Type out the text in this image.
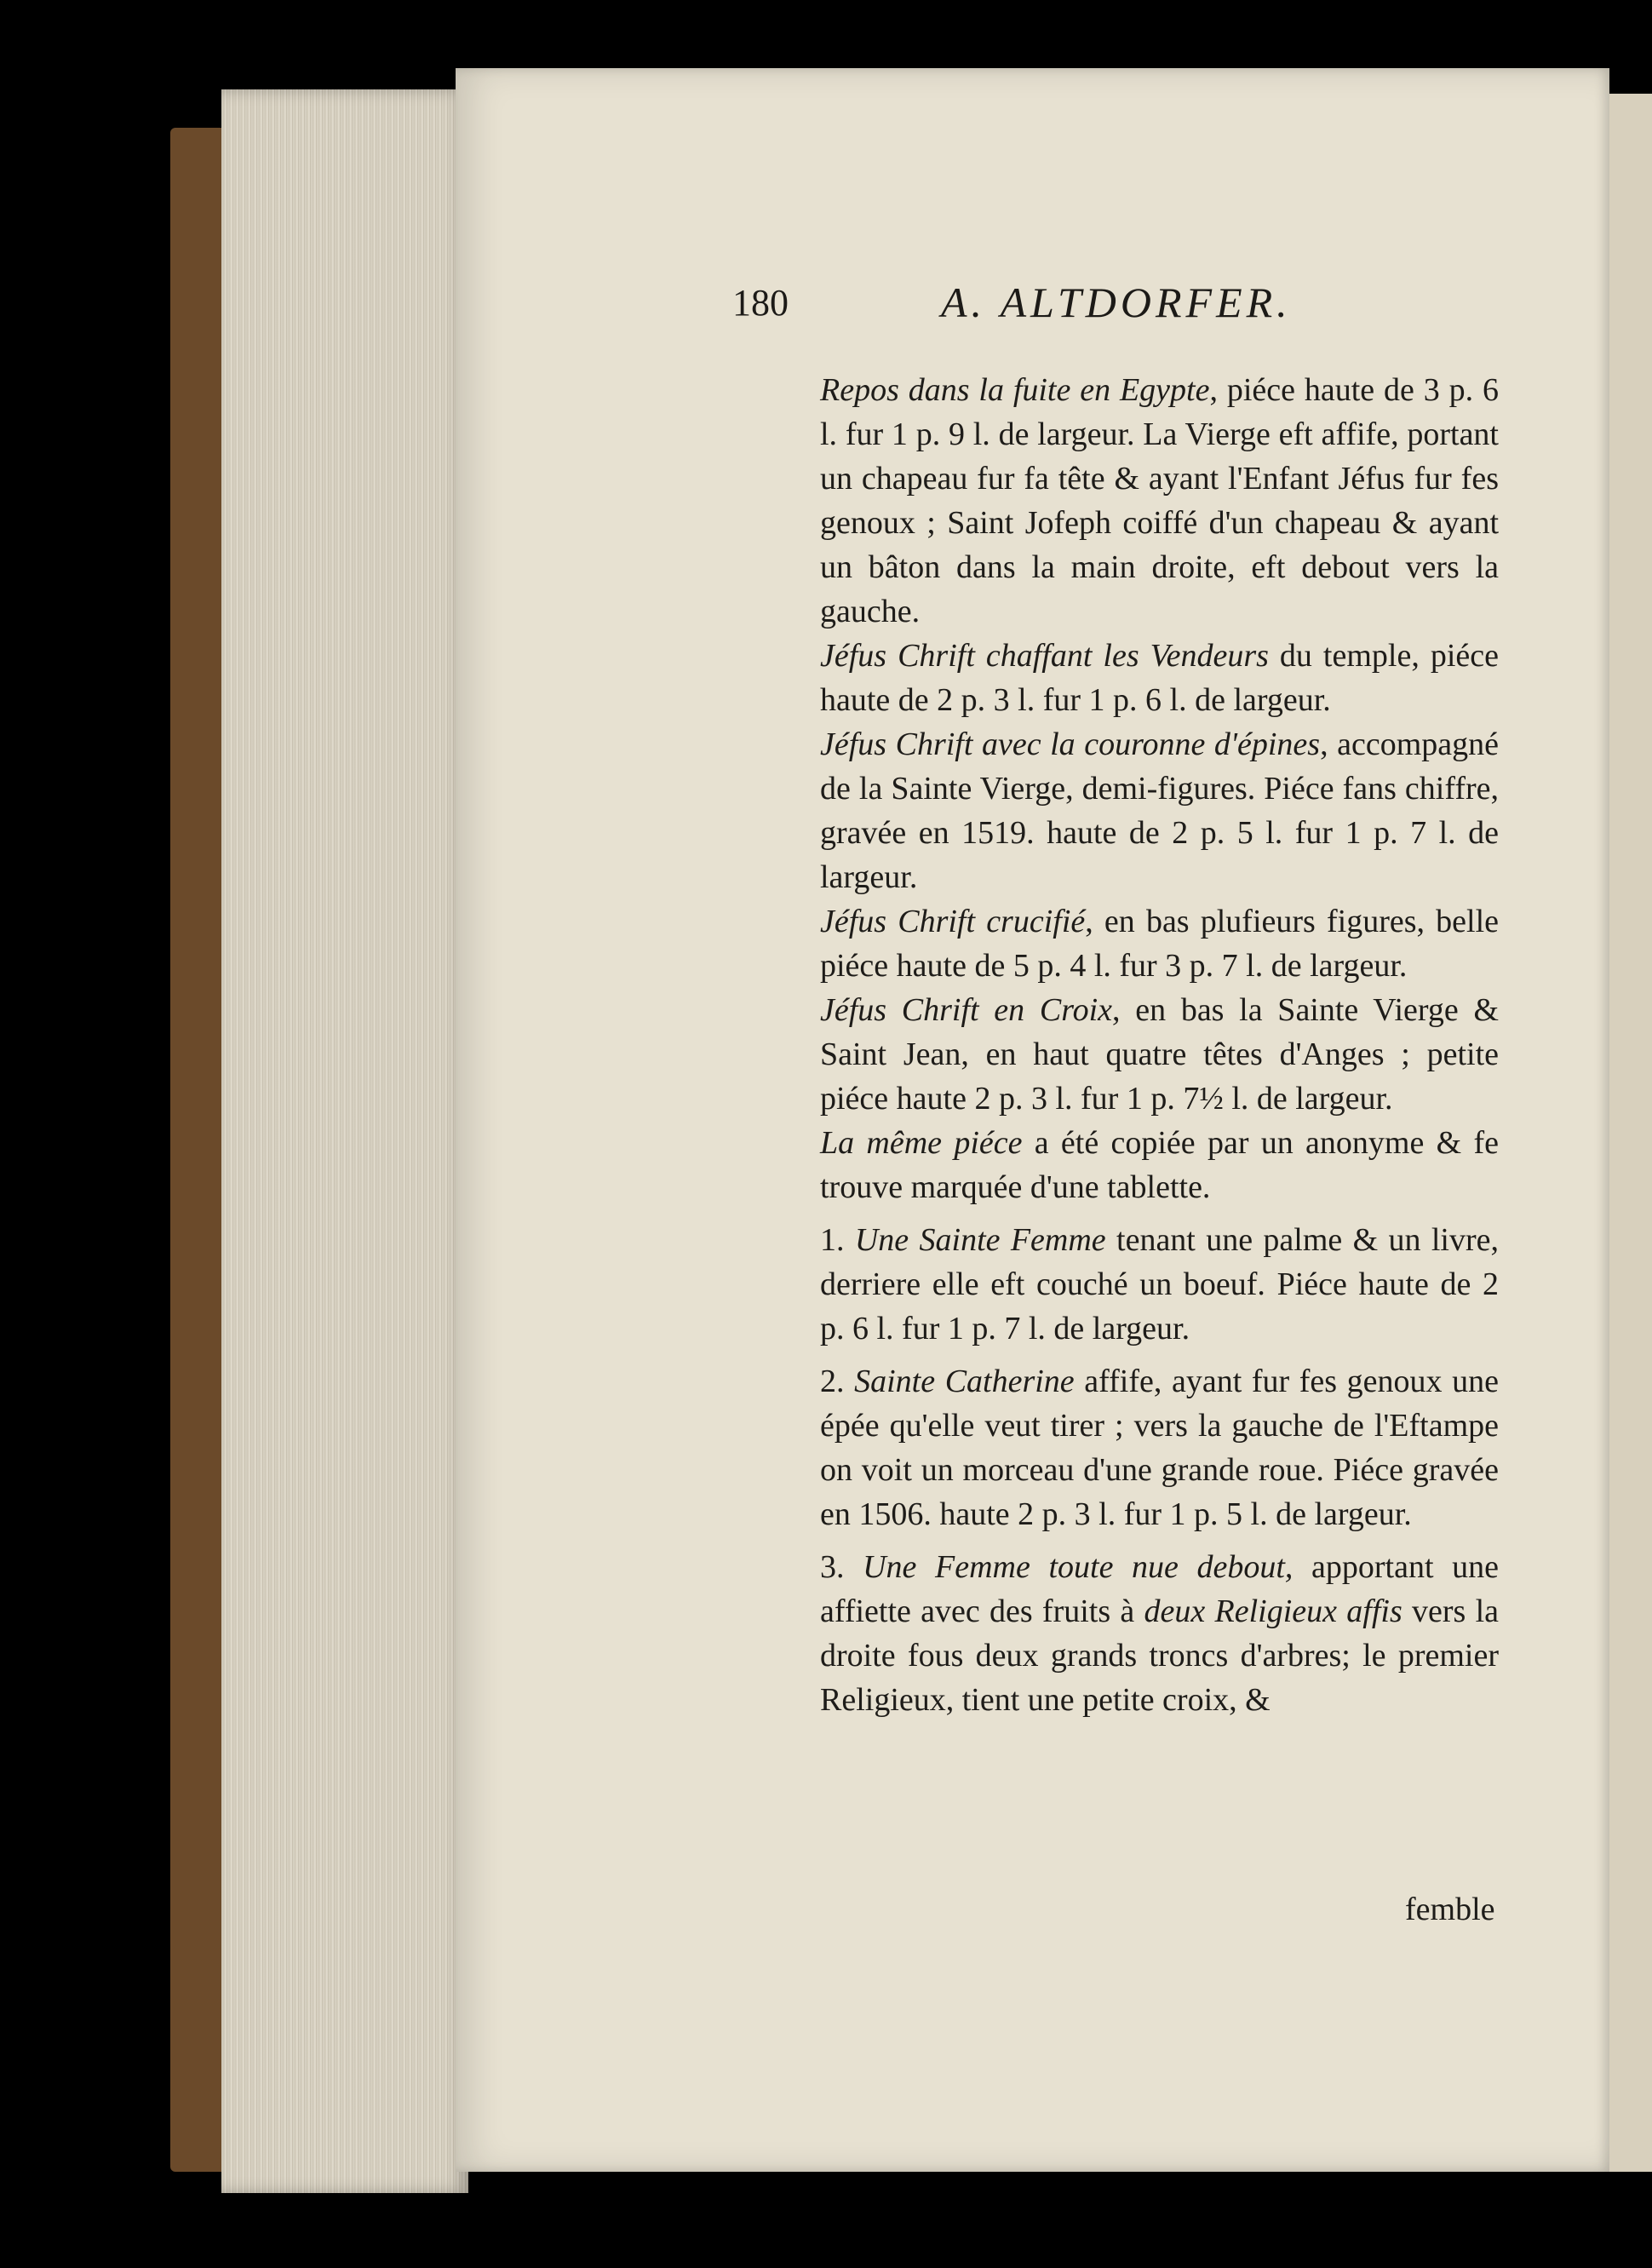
180	A. ALTDORFER.

Repos dans la fuite en Egypte, piéce haute de 3 p. 6 l. fur 1 p. 9 l. de largeur. La Vierge eft affife, portant un chapeau fur fa tête & ayant l'Enfant Jéfus fur fes genoux ; Saint Jofeph coiffé d'un chapeau & ayant un bâton dans la main droite, eft debout vers la gauche.

Jéfus Chrift chaffant les Vendeurs du temple, piéce haute de 2 p. 3 l. fur 1 p. 6 l. de largeur.

Jéfus Chrift avec la couronne d'épines, accompagné de la Sainte Vierge, demi-figures. Piéce fans chiffre, gravée en 1519. haute de 2 p. 5 l. fur 1 p. 7 l. de largeur.

Jéfus Chrift crucifié, en bas plufieurs figures, belle piéce haute de 5 p. 4 l. fur 3 p. 7 l. de largeur.

Jéfus Chrift en Croix, en bas la Sainte Vierge & Saint Jean, en haut quatre têtes d'Anges ; petite piéce haute 2 p. 3 l. fur 1 p. 7½ l. de largeur.

La même piéce a été copiée par un anonyme & fe trouve marquée d'une tablette.

1. Une Sainte Femme tenant une palme & un livre, derriere elle eft couché un boeuf. Piéce haute de 2 p. 6 l. fur 1 p. 7 l. de largeur.

2. Sainte Catherine affife, ayant fur fes genoux une épée qu'elle veut tirer ; vers la gauche de l'Eftampe on voit un morceau d'une grande roue. Piéce gravée en 1506. haute 2 p. 3 l. fur 1 p. 5 l. de largeur.

3. Une Femme toute nue debout, apportant une affiette avec des fruits à deux Religieux affis vers la droite fous deux grands troncs d'arbres; le premier Religieux, tient une petite croix, &

femble
